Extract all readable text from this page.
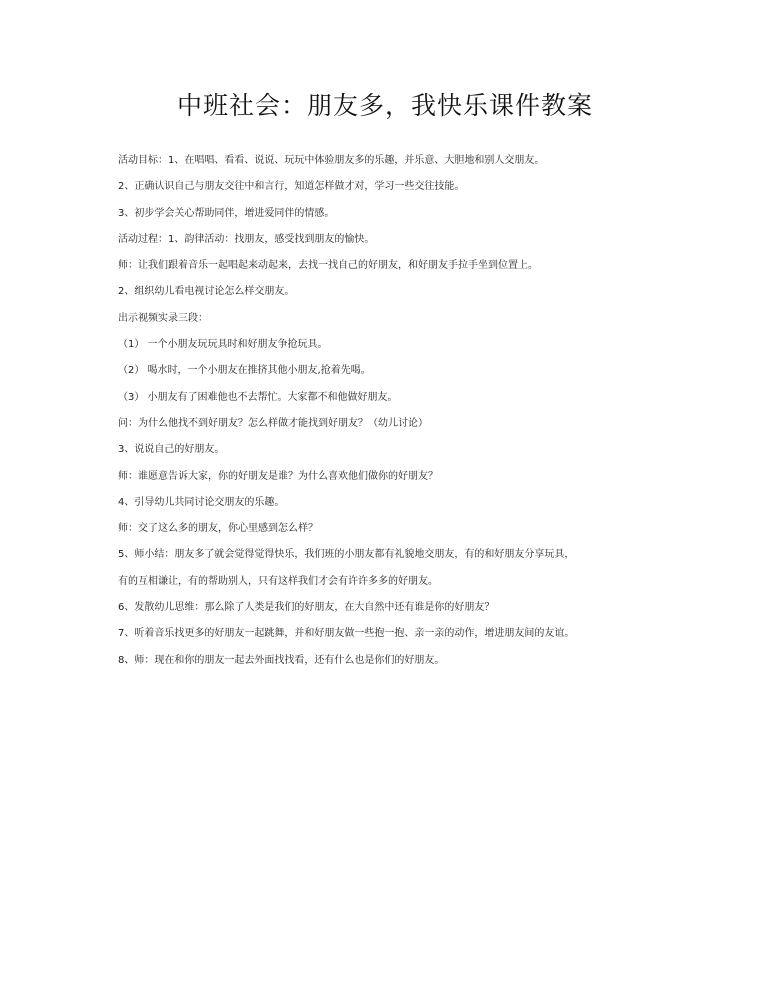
中班社会：朋友多，我快乐课件教案
活动目标：1、在唱唱、看看、说说、玩玩中体验朋友多的乐趣，并乐意、大胆地和别人交朋友。
2、正确认识自己与朋友交往中和言行，知道怎样做才对，学习一些交往技能。
3、初步学会关心帮助同伴，增进爱同伴的情感。
活动过程：1、韵律活动：找朋友，感受找到朋友的愉快。
师：让我们跟着音乐一起唱起来动起来，去找一找自己的好朋友，和好朋友手拉手坐到位置上。
2、组织幼儿看电视讨论怎么样交朋友。
出示视频实录三段：
（1） 一个小朋友玩玩具时和好朋友争抢玩具。
（2） 喝水时，一个小朋友在推挤其他小朋友,抢着先喝。
（3） 小朋友有了困难他也不去帮忙。大家都不和他做好朋友。
问：为什么他找不到好朋友？怎么样做才能找到好朋友？（幼儿讨论）
3、说说自己的好朋友。
师：谁愿意告诉大家，你的好朋友是谁？为什么喜欢他们做你的好朋友？
4、引导幼儿共同讨论交朋友的乐趣。
师：交了这么多的朋友，你心里感到怎么样？
5、师小结：朋友多了就会觉得觉得快乐，我们班的小朋友都有礼貌地交朋友，有的和好朋友分享玩具，
有的互相谦让，有的帮助别人，只有这样我们才会有许许多多的好朋友。
6、发散幼儿思维：那么除了人类是我们的好朋友，在大自然中还有谁是你的好朋友？
7、听着音乐找更多的好朋友一起跳舞，并和好朋友做一些抱一抱、亲一亲的动作，增进朋友间的友谊。
8、师：现在和你的朋友一起去外面找找看，还有什么也是你们的好朋友。
